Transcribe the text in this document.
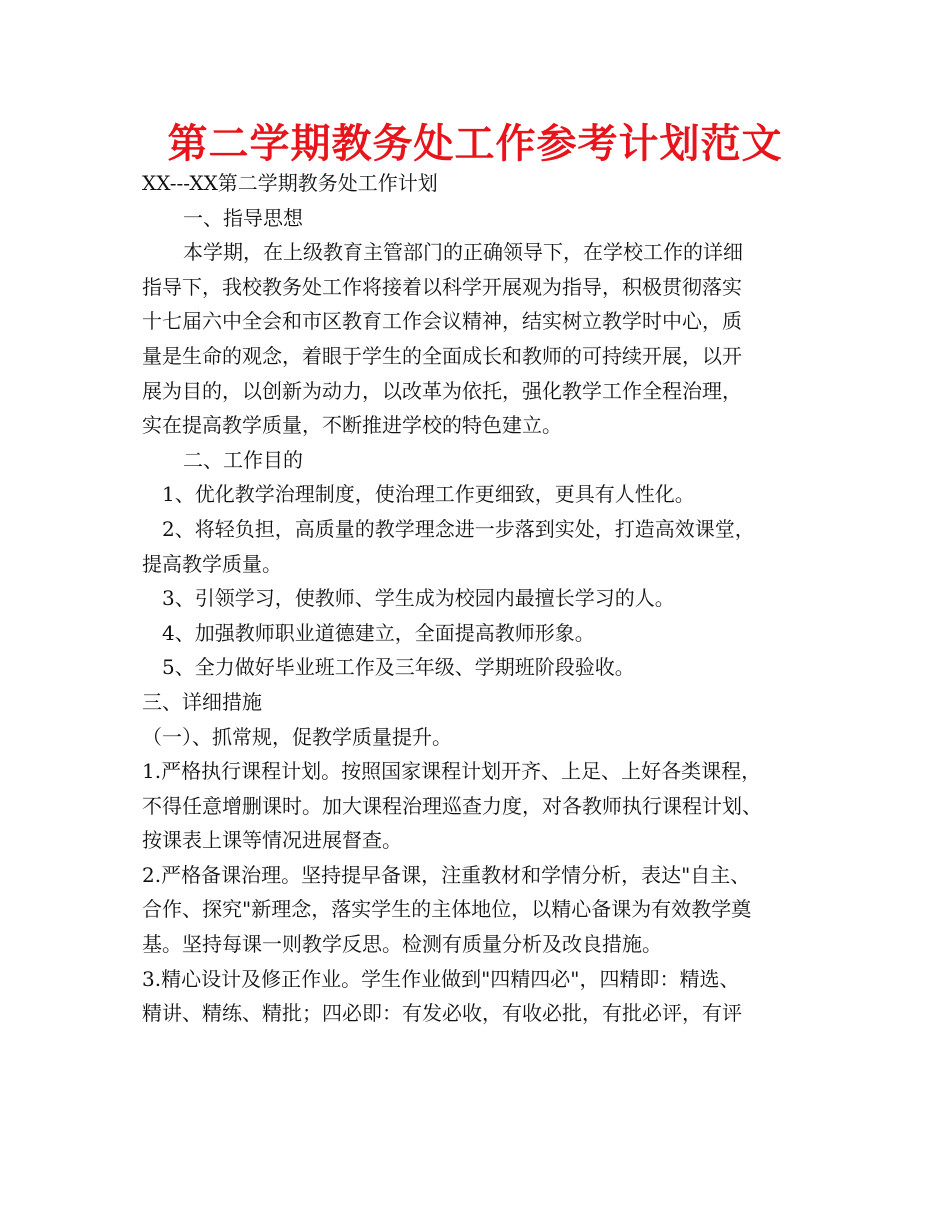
第二学期教务处工作参考计划范文
XX---XX第二学期教务处工作计划
一、指导思想
本学期，在上级教育主管部门的正确领导下，在学校工作的详细
指导下，我校教务处工作将接着以科学开展观为指导，积极贯彻落实
十七届六中全会和市区教育工作会议精神，结实树立教学时中心，质
量是生命的观念，着眼于学生的全面成长和教师的可持续开展，以开
展为目的，以创新为动力，以改革为依托，强化教学工作全程治理，
实在提高教学质量，不断推进学校的特色建立。
二、工作目的
1、优化教学治理制度，使治理工作更细致，更具有人性化。
2、将轻负担，高质量的教学理念进一步落到实处，打造高效课堂，
提高教学质量。
3、引领学习，使教师、学生成为校园内最擅长学习的人。
4、加强教师职业道德建立，全面提高教师形象。
5、全力做好毕业班工作及三年级、学期班阶段验收。
三、详细措施
（一）、抓常规，促教学质量提升。
1.严格执行课程计划。按照国家课程计划开齐、上足、上好各类课程，
不得任意增删课时。加大课程治理巡查力度，对各教师执行课程计划、
按课表上课等情况进展督查。
2.严格备课治理。坚持提早备课，注重教材和学情分析，表达"自主、
合作、探究"新理念，落实学生的主体地位，以精心备课为有效教学奠
基。坚持每课一则教学反思。检测有质量分析及改良措施。
3.精心设计及修正作业。学生作业做到"四精四必"，四精即：精选、
精讲、精练、精批；四必即：有发必收，有收必批，有批必评，有评
